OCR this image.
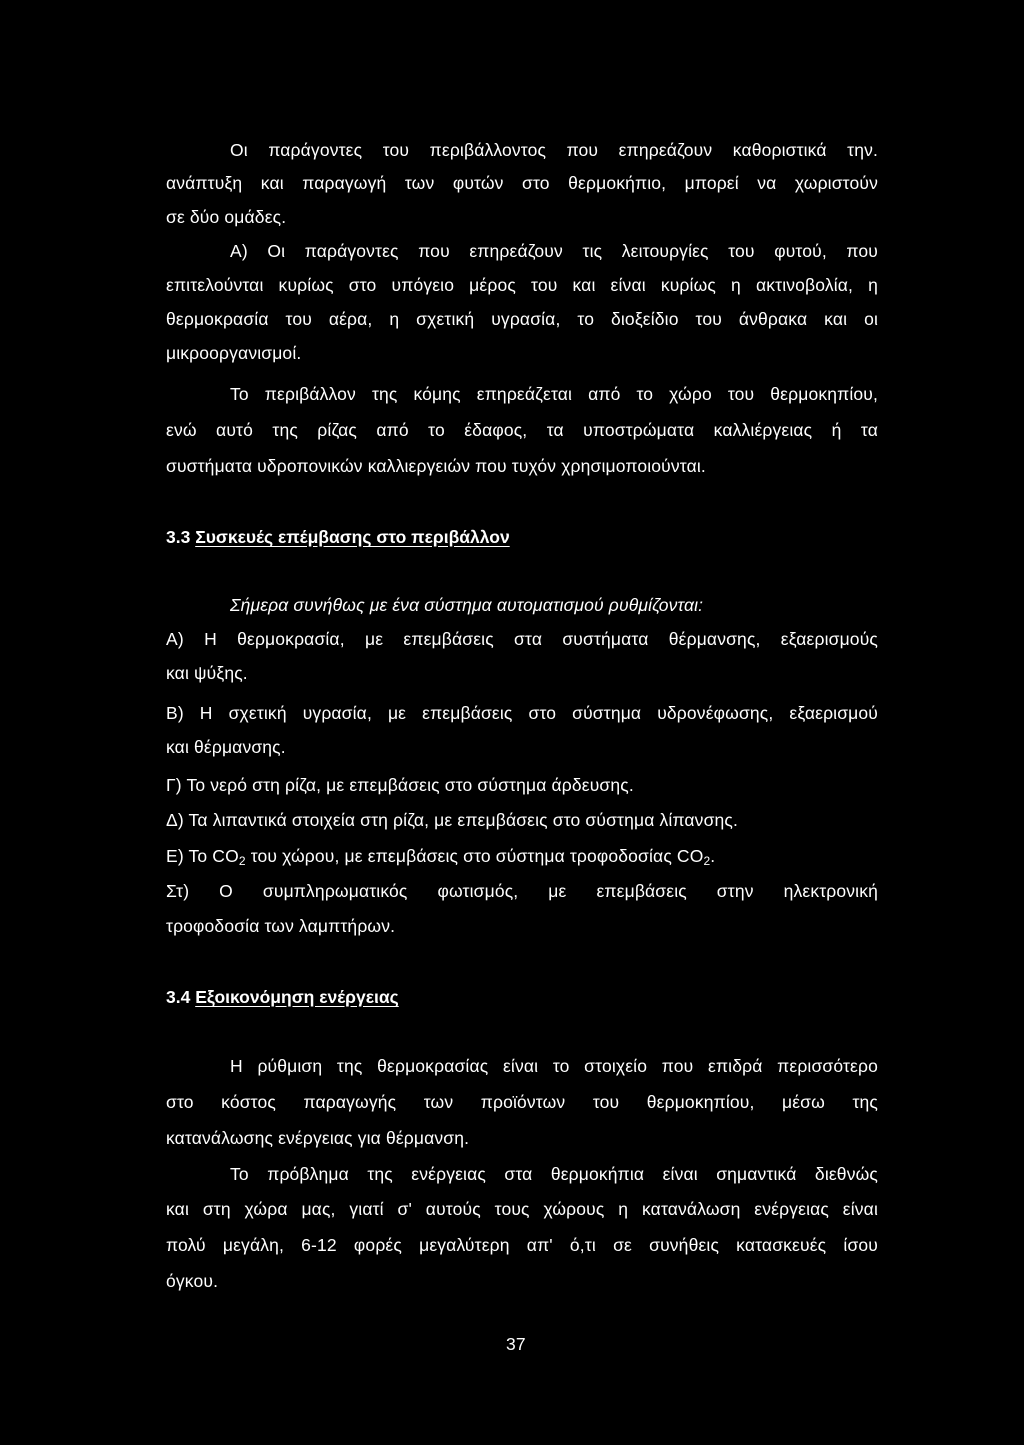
Οι παράγοντες του περιβάλλοντος που επηρεάζουν καθοριστικά την.
ανάπτυξη και παραγωγή των φυτών στο θερμοκήπιο, μπορεί να χωριστούν
σε δύο ομάδες.
Α) Οι παράγοντες που επηρεάζουν τις λειτουργίες του φυτού, που
επιτελούνται κυρίως στο υπόγειο μέρος του και είναι κυρίως η ακτινοβολία, η
θερμοκρασία του αέρα, η σχετική υγρασία, το διοξείδιο του άνθρακα και οι
μικροοργανισμοί.
Το περιβάλλον της κόμης επηρεάζεται από το χώρο του θερμοκηπίου,
ενώ αυτό της ρίζας από το έδαφος, τα υποστρώματα καλλιέργειας ή τα
συστήματα υδροπονικών καλλιεργειών που τυχόν χρησιμοποιούνται.
3.3 Συσκευές επέμβασης στο περιβάλλον
Σήμερα συνήθως με ένα σύστημα αυτοματισμού ρυθμίζονται:
Α) Η θερμοκρασία, με επεμβάσεις στα συστήματα θέρμανσης, εξαερισμούς
και ψύξης.
Β) Η σχετική υγρασία, με επεμβάσεις στο σύστημα υδρονέφωσης, εξαερισμού
και θέρμανσης.
Γ) Το νερό στη ρίζα, με επεμβάσεις στο σύστημα άρδευσης.
Δ) Τα λιπαντικά στοιχεία στη ρίζα, με επεμβάσεις στο σύστημα λίπανσης.
Ε) Το $CO_2$ του χώρου, με επεμβάσεις στο σύστημα τροφοδοσίας $CO_2$.
Στ) Ο συμπληρωματικός φωτισμός, με επεμβάσεις στην ηλεκτρονική
τροφοδοσία των λαμπτήρων.
3.4 Εξοικονόμηση ενέργειας
Η ρύθμιση της θερμοκρασίας είναι το στοιχείο που επιδρά περισσότερο
στο κόστος παραγωγής των προϊόντων του θερμοκηπίου, μέσω της
κατανάλωσης ενέργειας για θέρμανση.
Το πρόβλημα της ενέργειας στα θερμοκήπια είναι σημαντικά διεθνώς
και στη χώρα μας, γιατί σ' αυτούς τους χώρους η κατανάλωση ενέργειας είναι
πολύ μεγάλη, 6-12 φορές μεγαλύτερη απ' ό,τι σε συνήθεις κατασκευές ίσου
όγκου.
37
